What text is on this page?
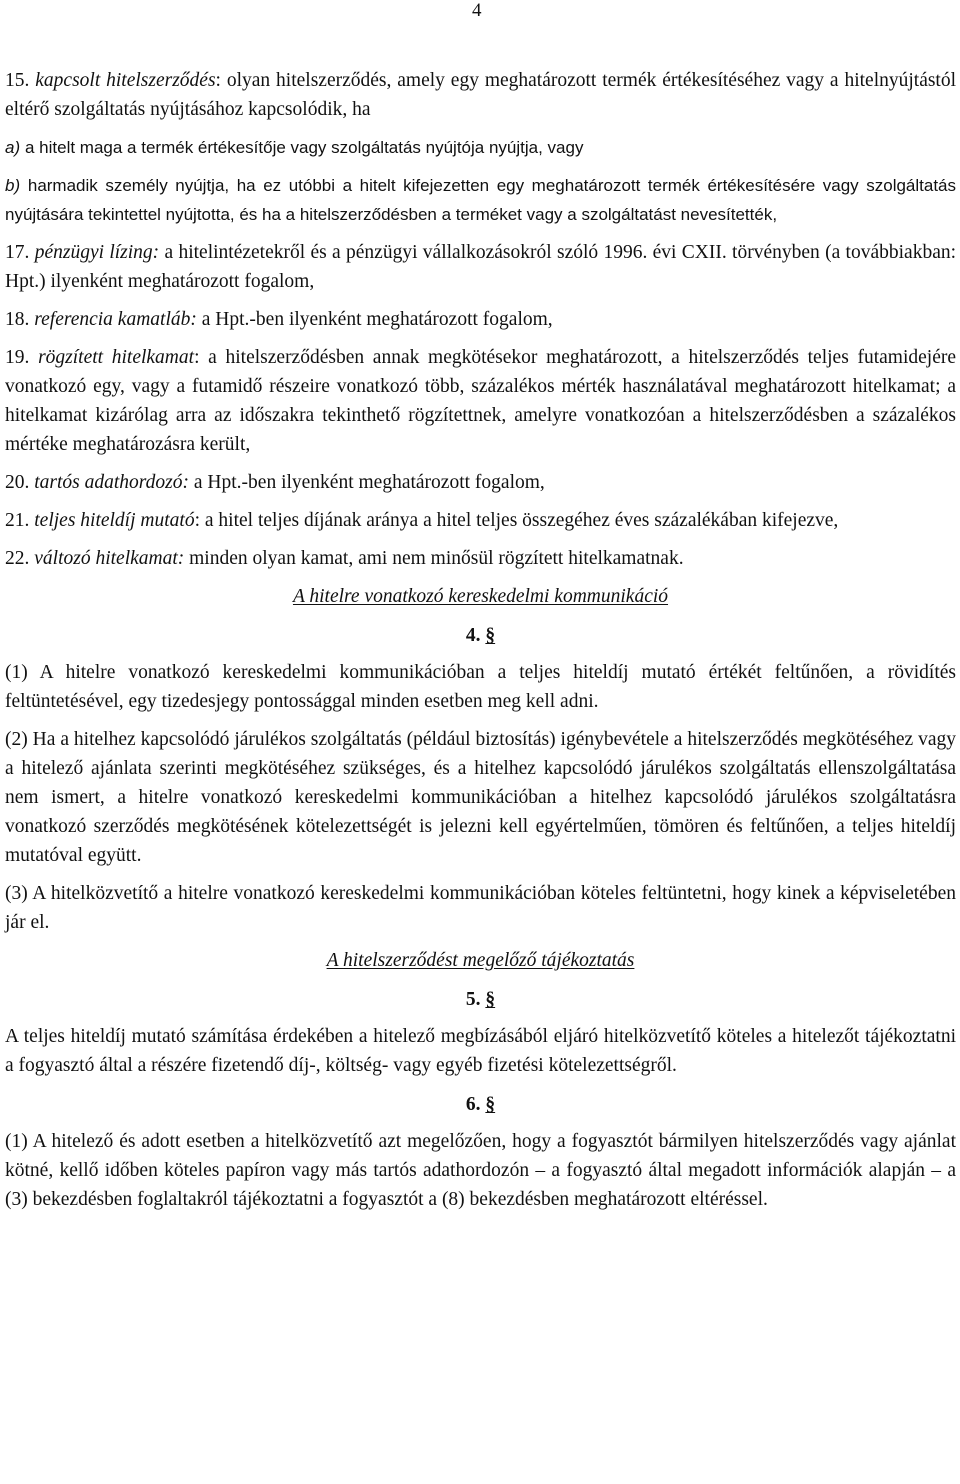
4

15. kapcsolt hitelszerződés: olyan hitelszerződés, amely egy meghatározott termék értékesítéséhez vagy a hitelnyújtástól eltérő szolgáltatás nyújtásához kapcsolódik, ha

a) a hitelt maga a termék értékesítője vagy szolgáltatás nyújtója nyújtja, vagy

b) harmadik személy nyújtja, ha ez utóbbi a hitelt kifejezetten egy meghatározott termék értékesítésére vagy szolgáltatás nyújtására tekintettel nyújtotta, és ha a hitelszerződésben a terméket vagy a szolgáltatást nevesítették,

17. pénzügyi lízing: a hitelintézetekről és a pénzügyi vállalkozásokról szóló 1996. évi CXII. törvényben (a továbbiakban: Hpt.) ilyenként meghatározott fogalom,

18. referencia kamatláb: a Hpt.-ben ilyenként meghatározott fogalom,

19. rögzített hitelkamat: a hitelszerződésben annak megkötésekor meghatározott, a hitelszerződés teljes futamidejére vonatkozó egy, vagy a futamidő részeire vonatkozó több, százalékos mérték használatával meghatározott hitelkamat; a hitelkamat kizárólag arra az időszakra tekinthető rögzítettnek, amelyre vonatkozóan a hitelszerződésben a százalékos mértéke meghatározásra került,

20. tartós adathordozó: a Hpt.-ben ilyenként meghatározott fogalom,

21. teljes hiteldíj mutató: a hitel teljes díjának aránya a hitel teljes összegéhez éves százalékában kifejezve,

22. változó hitelkamat: minden olyan kamat, ami nem minősül rögzített hitelkamatnak.

A hitelre vonatkozó kereskedelmi kommunikáció
4. §

(1) A hitelre vonatkozó kereskedelmi kommunikációban a teljes hiteldíj mutató értékét feltűnően, a rövidítés feltüntetésével, egy tizedesjegy pontossággal minden esetben meg kell adni.

(2) Ha a hitelhez kapcsolódó járulékos szolgáltatás (például biztosítás) igénybevétele a hitelszerződés megkötéséhez vagy a hitelező ajánlata szerinti megkötéséhez szükséges, és a hitelhez kapcsolódó járulékos szolgáltatás ellenszolgáltatása nem ismert, a hitelre vonatkozó kereskedelmi kommunikációban a hitelhez kapcsolódó járulékos szolgáltatásra vonatkozó szerződés megkötésének kötelezettségét is jelezni kell egyértelműen, tömören és feltűnően, a teljes hiteldíj mutatóval együtt.

(3) A hitelközvetítő a hitelre vonatkozó kereskedelmi kommunikációban köteles feltüntetni, hogy kinek a képviseletében jár el.

A hitelszerződést megelőző tájékoztatás
5. §

A teljes hiteldíj mutató számítása érdekében a hitelező megbízásából eljáró hitelközvetítő köteles a hitelezőt tájékoztatni a fogyasztó által a részére fizetendő díj-, költség- vagy egyéb fizetési kötelezettségről.

6. §

(1) A hitelező és adott esetben a hitelközvetítő azt megelőzően, hogy a fogyasztót bármilyen hitelszerződés vagy ajánlat kötné, kellő időben köteles papíron vagy más tartós adathordozón – a fogyasztó által megadott információk alapján – a (3) bekezdésben foglaltakról tájékoztatni a fogyasztót a (8) bekezdésben meghatározott eltéréssel.
